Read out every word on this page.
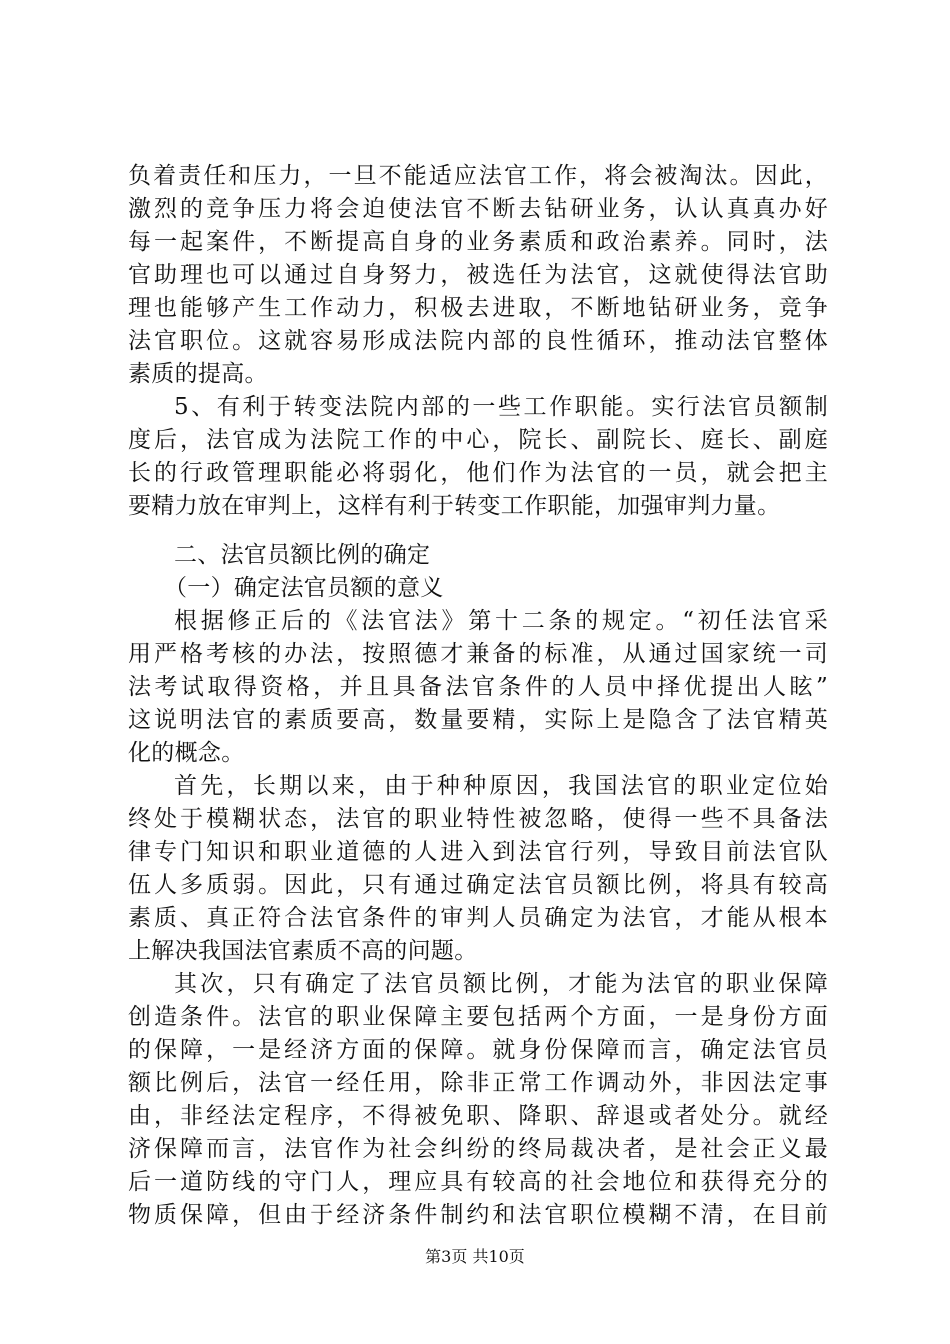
负着责任和压力，一旦不能适应法官工作，将会被淘汰。因此，
激烈的竞争压力将会迫使法官不断去钻研业务，认认真真办好
每一起案件，不断提高自身的业务素质和政治素养。同时，法
官助理也可以通过自身努力，被选任为法官，这就使得法官助
理也能够产生工作动力，积极去进取，不断地钻研业务，竞争
法官职位。这就容易形成法院内部的良性循环，推动法官整体
素质的提高。
5、有利于转变法院内部的一些工作职能。实行法官员额制
度后，法官成为法院工作的中心，院长、副院长、庭长、副庭
长的行政管理职能必将弱化，他们作为法官的一员，就会把主
要精力放在审判上，这样有利于转变工作职能，加强审判力量。
二、法官员额比例的确定
（一）确定法官员额的意义
根据修正后的《法官法》第十二条的规定。“初任法官采
用严格考核的办法，按照德才兼备的标准，从通过国家统一司
法考试取得资格，并且具备法官条件的人员中择优提出人眩”
这说明法官的素质要高，数量要精，实际上是隐含了法官精英
化的概念。
首先，长期以来，由于种种原因，我国法官的职业定位始
终处于模糊状态，法官的职业特性被忽略，使得一些不具备法
律专门知识和职业道德的人进入到法官行列，导致目前法官队
伍人多质弱。因此，只有通过确定法官员额比例，将具有较高
素质、真正符合法官条件的审判人员确定为法官，才能从根本
上解决我国法官素质不高的问题。
其次，只有确定了法官员额比例，才能为法官的职业保障
创造条件。法官的职业保障主要包括两个方面，一是身份方面
的保障，一是经济方面的保障。就身份保障而言，确定法官员
额比例后，法官一经任用，除非正常工作调动外，非因法定事
由，非经法定程序，不得被免职、降职、辞退或者处分。就经
济保障而言，法官作为社会纠纷的终局裁决者，是社会正义最
后一道防线的守门人，理应具有较高的社会地位和获得充分的
物质保障，但由于经济条件制约和法官职位模糊不清，在目前
第3页 共10页
